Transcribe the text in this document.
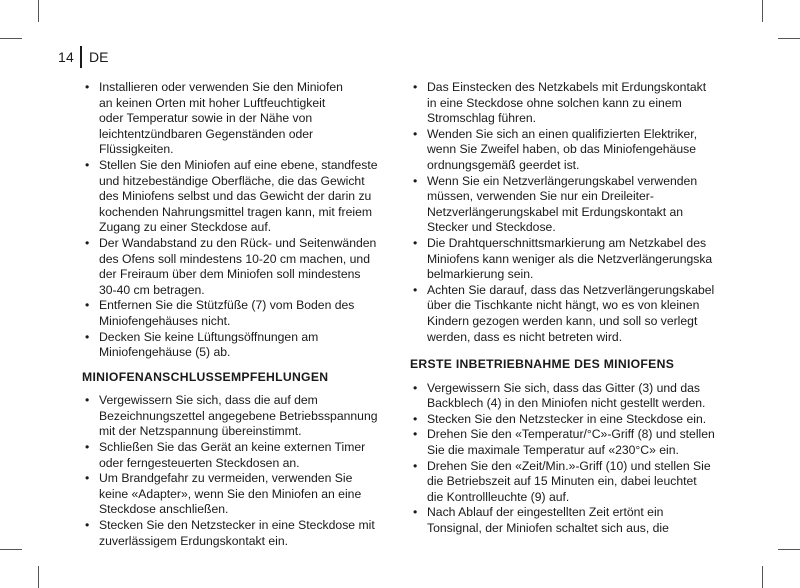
14 DE
• Installieren oder verwenden Sie den Miniofen
an keinen Orten mit hoher Luftfeuchtigkeit
oder Temperatur sowie in der Nähe von
leichtentzündbaren Gegenständen oder
Flüssigkeiten.
• Stellen Sie den Miniofen auf eine ebene, standfeste
und hitzebeständige Oberfläche, die das Gewicht
des Miniofens selbst und das Gewicht der darin zu
kochenden Nahrungsmittel tragen kann, mit freiem
Zugang zu einer Steckdose auf.
• Der Wandabstand zu den Rück- und Seitenwänden
des Ofens soll mindestens 10-20 cm machen, und
der Freiraum über dem Miniofen soll mindestens
30-40 cm betragen.
• Entfernen Sie die Stützfüße (7) vom Boden des
Miniofengehäuses nicht.
• Decken Sie keine Lüftungsöffnungen am
Miniofengehäuse (5) ab.
MINIOFENANSCHLUSSEMPFEHLUNGEN
• Vergewissern Sie sich, dass die auf dem
Bezeichnungszettel angegebene Betriebsspannung
mit der Netzspannung übereinstimmt.
• Schließen Sie das Gerät an keine externen Timer
oder ferngesteuerten Steckdosen an.
• Um Brandgefahr zu vermeiden, verwenden Sie
keine «Adapter», wenn Sie den Miniofen an eine
Steckdose anschließen.
• Stecken Sie den Netzstecker in eine Steckdose mit
zuverlässigem Erdungskontakt ein.
• Das Einstecken des Netzkabels mit Erdungskontakt
in eine Steckdose ohne solchen kann zu einem
Stromschlag führen.
• Wenden Sie sich an einen qualifizierten Elektriker,
wenn Sie Zweifel haben, ob das Miniofengehäuse
ordnungsgemäß geerdet ist.
• Wenn Sie ein Netzverlängerungskabel verwenden
müssen, verwenden Sie nur ein Dreileiter-
Netzverlängerungskabel mit Erdungskontakt an
Stecker und Steckdose.
• Die Drahtquerschnittsmarkierung am Netzkabel des
Miniofens kann weniger als die Netzverlängerungska
belmarkierung sein.
• Achten Sie darauf, dass das Netzverlängerungskabel
über die Tischkante nicht hängt, wo es von kleinen
Kindern gezogen werden kann, und soll so verlegt
werden, dass es nicht betreten wird.
ERSTE INBETRIEBNAHME DES MINIOFENS
• Vergewissern Sie sich, dass das Gitter (3) und das
Backblech (4) in den Miniofen nicht gestellt werden.
• Stecken Sie den Netzstecker in eine Steckdose ein.
• Drehen Sie den «Temperatur/°C»-Griff (8) und stellen
Sie die maximale Temperatur auf «230°C» ein.
• Drehen Sie den «Zeit/Min.»-Griff (10) und stellen Sie
die Betriebszeit auf 15 Minuten ein, dabei leuchtet
die Kontrollleuchte (9) auf.
• Nach Ablauf der eingestellten Zeit ertönt ein
Tonsignal, der Miniofen schaltet sich aus, die
